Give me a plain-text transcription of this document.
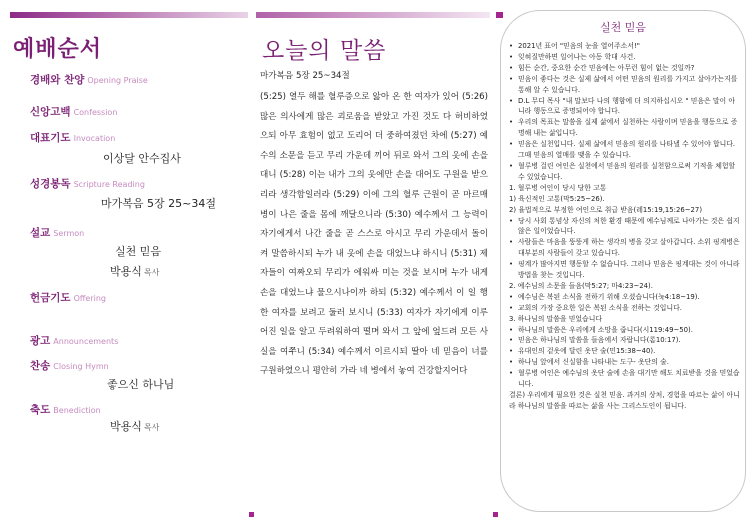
예배순서
경배와 찬양 Opening Praise
신앙고백 Confession
대표기도 Invocation
이상달 안수집사
성경봉독 Scripture Reading
마가복음 5장 25~34절
설교 Sermon
실천 믿음
박용식 목사
헌금기도 Offering
광고 Announcements
찬송 Closing Hymn
좋으신 하나님
축도 Benediction
박용식 목사
오늘의 말씀
마가복음 5장 25~34절
(5:25) 열두 해를 혈루증으로 앓아 온 한 여자가 있어 (5:26) 많은 의사에게 많은 괴로움을 받았고 가진 것도 다 허비하였으되 아무 효험이 없고 도리어 더 중하여졌던 차에 (5:27) 예수의 소문을 듣고 무리 가운데 끼어 뒤로 와서 그의 옷에 손을 대니 (5:28) 이는 내가 그의 옷에만 손을 대어도 구원을 받으리라 생각함일러라 (5:29) 이에 그의 혈루 근원이 곧 마르매 병이 나은 줄을 몸에 깨달으니라 (5:30) 예수께서 그 능력이 자기에게서 나간 줄을 곧 스스로 아시고 무리 가운데서 돌이켜 말씀하시되 누가 내 옷에 손을 대었느냐 하시니 (5:31) 제자들이 여짜오되 무리가 에워싸 미는 것을 보시며 누가 내게 손을 대었느냐 물으시나이까 하되 (5:32) 예수께서 이 일 행한 여자를 보려고 둘러 보시니 (5:33) 여자가 자기에게 이루어진 일을 알고 두려워하여 떨며 와서 그 앞에 엎드려 모든 사실을 여쭈니 (5:34) 예수께서 이르시되 딸아 네 믿음이 너를 구원하였으니 평안히 가라 네 병에서 놓여 건강할지어다
실천 믿음
• 2021년 표어 "믿음의 눈을 열어주소서!"
• 잊혀질만하면 일어나는 아동 학대 사건.
• 힘든 순간, 중요한 순간 믿음에는 아무런 힘이 없는 것일까?
• 믿음이 좋다는 것은 실제 삶에서 어떤 믿음의 원리를 가지고 살아가는지를 통해 알 수 있습니다.
• D.L 무디 목사 "내 말보다 나의 행함에 더 의지하십시오 " 믿음은 말이 아니라 행동으로 증명되어야 합니다.
• 우리의 목표는 말씀을 실제 삶에서 실천하는 사람이며 믿음을 행동으로 증명해 내는 삶입니다.
• 믿음은 실천입니다. 실제 삶에서 믿음의 원리를 나타낼 수 있어야 합니다. 그때 믿음의 열매를 맺을 수 있습니다.
• 혈루병 걸린 여인은 실천에서 믿음의 원리를 실천함으로써 기적을 체험할 수 있었습니다.
1. 혈루병 여인이 당시 당한 고통
1) 육신적인 고통(막5:25~26).
2) 율법적으로 부정한 여인으로 취급 받음(레15:19,15:26~27)
• 당시 사회 통념상 자신의 처한 환경 때문에 예수님께로 나아가는 것은 쉽지 않은 일이었습니다.
• 사람들은 마음을 뚱뚱게 하는 생각의 병을 갖고 살아갑니다. 소위 핑계병은 대부분의 사람들이 갖고 있습니다.
• 핑계가 많아지면 행동할 수 없습니다. 그러나 믿음은 핑계대는 것이 아니라 방법을 찾는 것입니다.
2. 예수님의 소문을 들음(막5:27; 마4:23~24).
• 예수님은 복된 소식을 전하기 위해 오셨습니다(눅4:18~19).
• 교회의 가장 중요한 일은 복된 소식을 전하는 것입니다.
3. 하나님의 말씀을 믿었습니다
• 하나님의 말씀은 우리에게 소망을 줍니다(시119:49~50).
• 믿음은 하나님의 말씀을 들음에서 자랍니다(롬10:17).
• 유대인의 겉옷에 달린 옷단 술(민15:38~40).
• 하나님 앞에서 신실함을 나타내는 도구- 옷단의 술.
• 혈루병 여인은 예수님의 옷단 술에 손을 대기만 해도 치료받을 것을 믿었습니다.
결론) 우리에게 필요한 것은 실천 믿음. 과거의 상처, 경험을 따르는 삶이 아니라 하나님의 말씀을 따르는 삶을 사는 그리스도인이 됩니다.
